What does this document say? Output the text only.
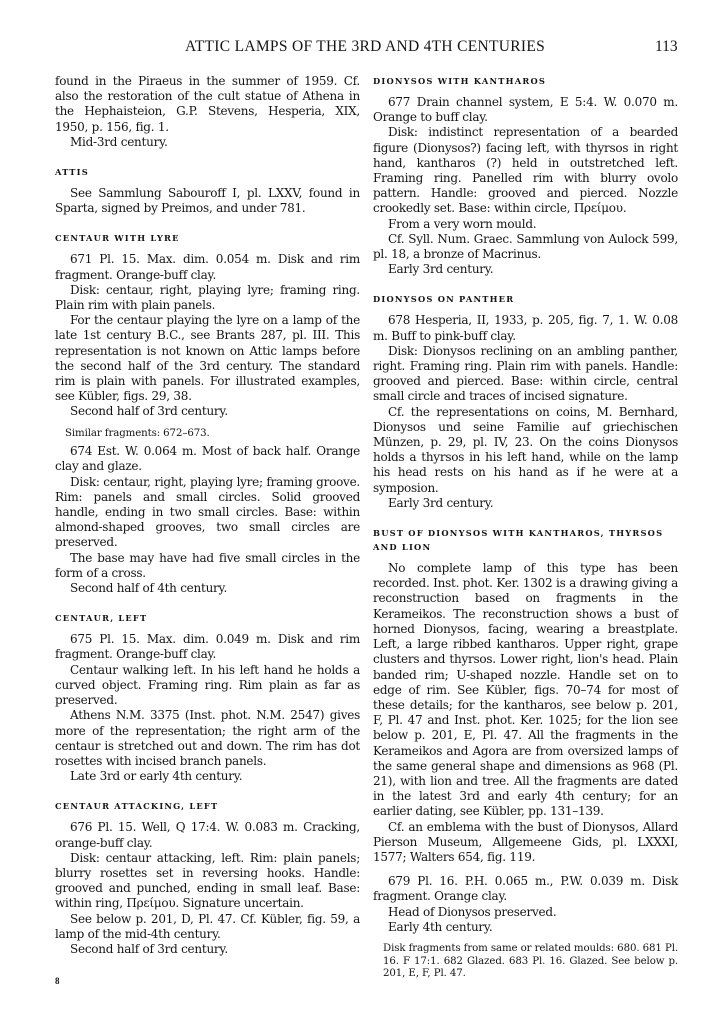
ATTIC LAMPS OF THE 3RD AND 4TH CENTURIES	113

found in the Piraeus in the summer of 1959. Cf. also the restoration of the cult statue of Athena in the Hephaisteion, G.P. Stevens, Hesperia, XIX, 1950, p. 156, fig. 1.

Mid-3rd century.

ATTIS

See Sammlung Sabouroff I, pl. LXXV, found in Sparta, signed by Preimos, and under 781.

CENTAUR WITH LYRE

671 Pl. 15. Max. dim. 0.054 m. Disk and rim fragment. Orange-buff clay.

Disk: centaur, right, playing lyre; framing ring. Plain rim with plain panels.

For the centaur playing the lyre on a lamp of the late 1st century B.C., see Brants 287, pl. III. This representation is not known on Attic lamps before the second half of the 3rd century. The standard rim is plain with panels. For illustrated examples, see Kübler, figs. 29, 38.

Second half of 3rd century.

Similar fragments: 672–673.

674 Est. W. 0.064 m. Most of back half. Orange clay and glaze.

Disk: centaur, right, playing lyre; framing groove. Rim: panels and small circles. Solid grooved handle, ending in two small circles. Base: within almond-shaped grooves, two small circles are preserved.

The base may have had five small circles in the form of a cross.

Second half of 4th century.

CENTAUR, LEFT

675 Pl. 15. Max. dim. 0.049 m. Disk and rim fragment. Orange-buff clay.

Centaur walking left. In his left hand he holds a curved object. Framing ring. Rim plain as far as preserved.

Athens N.M. 3375 (Inst. phot. N.M. 2547) gives more of the representation; the right arm of the centaur is stretched out and down. The rim has dot rosettes with incised branch panels.

Late 3rd or early 4th century.

CENTAUR ATTACKING, LEFT

676 Pl. 15. Well, Q 17:4. W. 0.083 m. Cracking, orange-buff clay.

Disk: centaur attacking, left. Rim: plain panels; blurry rosettes set in reversing hooks. Handle: grooved and punched, ending in small leaf. Base: within ring, Πρείμου. Signature uncertain.

See below p. 201, D, Pl. 47. Cf. Kübler, fig. 59, a lamp of the mid-4th century.

Second half of 3rd century.

DIONYSOS WITH KANTHAROS

677 Drain channel system, E 5:4. W. 0.070 m. Orange to buff clay.

Disk: indistinct representation of a bearded figure (Dionysos?) facing left, with thyrsos in right hand, kantharos (?) held in outstretched left. Framing ring. Panelled rim with blurry ovolo pattern. Handle: grooved and pierced. Nozzle crookedly set. Base: within circle, Πρείμου.

From a very worn mould.

Cf. Syll. Num. Graec. Sammlung von Aulock 599, pl. 18, a bronze of Macrinus.

Early 3rd century.

DIONYSOS ON PANTHER

678 Hesperia, II, 1933, p. 205, fig. 7, 1. W. 0.08 m. Buff to pink-buff clay.

Disk: Dionysos reclining on an ambling panther, right. Framing ring. Plain rim with panels. Handle: grooved and pierced. Base: within circle, central small circle and traces of incised signature.

Cf. the representations on coins, M. Bernhard, Dionysos und seine Familie auf griechischen Münzen, p. 29, pl. IV, 23. On the coins Dionysos holds a thyrsos in his left hand, while on the lamp his head rests on his hand as if he were at a symposion.

Early 3rd century.

BUST OF DIONYSOS WITH KANTHAROS, THYRSOS AND LION

No complete lamp of this type has been recorded. Inst. phot. Ker. 1302 is a drawing giving a reconstruction based on fragments in the Kerameikos. The reconstruction shows a bust of horned Dionysos, facing, wearing a breastplate. Left, a large ribbed kantharos. Upper right, grape clusters and thyrsos. Lower right, lion's head. Plain banded rim; U-shaped nozzle. Handle set on to edge of rim. See Kübler, figs. 70–74 for most of these details; for the kantharos, see below p. 201, F, Pl. 47 and Inst. phot. Ker. 1025; for the lion see below p. 201, E, Pl. 47. All the fragments in the Kerameikos and Agora are from oversized lamps of the same general shape and dimensions as 968 (Pl. 21), with lion and tree. All the fragments are dated in the latest 3rd and early 4th century; for an earlier dating, see Kübler, pp. 131–139.

Cf. an emblema with the bust of Dionysos, Allard Pierson Museum, Allgemeene Gids, pl. LXXXI, 1577; Walters 654, fig. 119.

679 Pl. 16. P.H. 0.065 m., P.W. 0.039 m. Disk fragment. Orange clay.

Head of Dionysos preserved.

Early 4th century.

Disk fragments from same or related moulds: 680. 681 Pl. 16. F 17:1. 682 Glazed. 683 Pl. 16. Glazed. See below p. 201, E, F, Pl. 47.

8
